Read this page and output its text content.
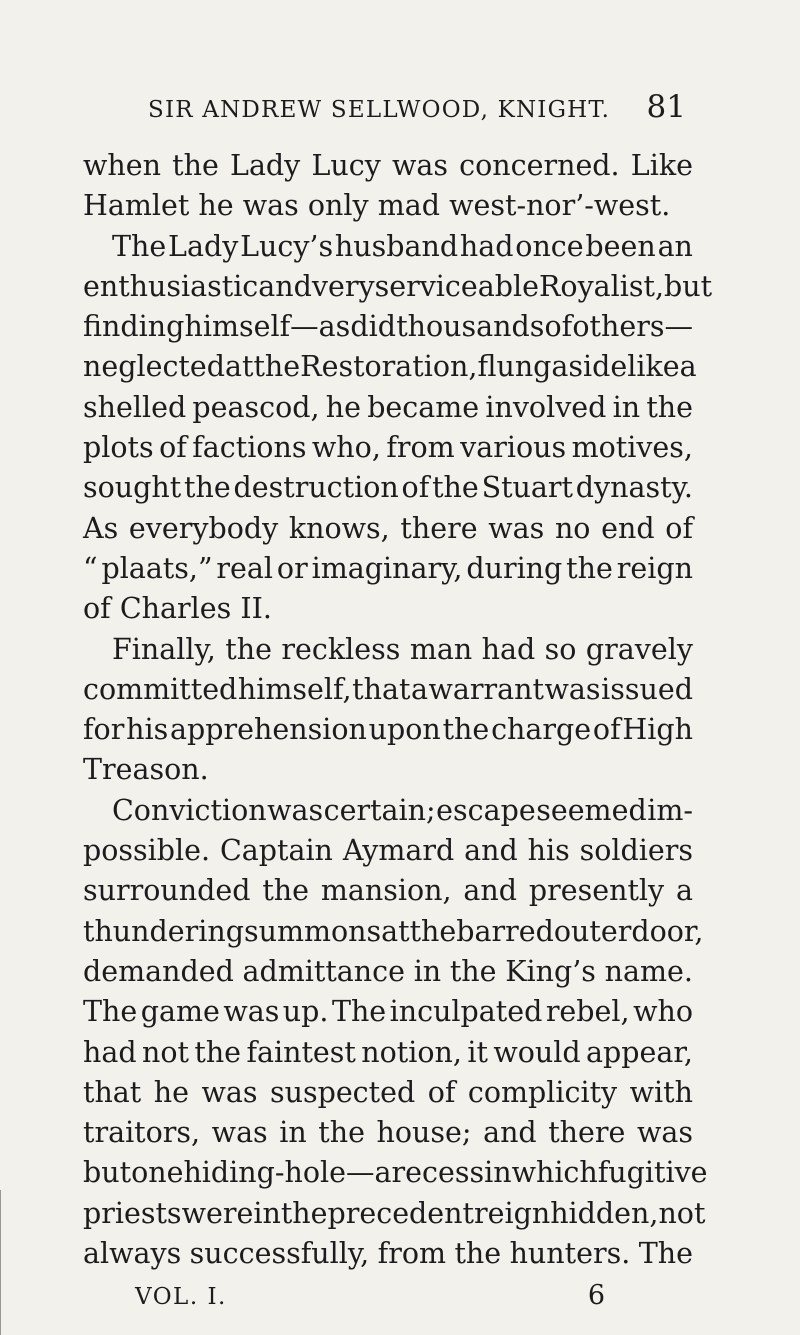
SIR ANDREW SELLWOOD, KNIGHT. 81
when the Lady Lucy was concerned. Like
Hamlet he was only mad west-nor’-west.
The Lady Lucy’s husband had once been an
enthusiastic and very serviceable Royalist, but
finding himself—as did thousands of others—
neglected at the Restoration, flung aside like a
shelled peascod, he became involved in the
plots of factions who, from various motives,
sought the destruction of the Stuart dynasty.
As everybody knows, there was no end of
“ plaats,” real or imaginary, during the reign
of Charles II.
Finally, the reckless man had so gravely
committed himself, that a warrant was issued
for his apprehension upon the charge of High
Treason.
Conviction was certain; escape seemed im-
possible. Captain Aymard and his soldiers
surrounded the mansion, and presently a
thundering summons at the barred outer door,
demanded admittance in the King’s name.
The game was up. The inculpated rebel, who
had not the faintest notion, it would appear,
that he was suspected of complicity with
traitors, was in the house; and there was
but one hiding-hole—a recess in which fugitive
priests were in the precedent reign hidden, not
always successfully, from the hunters. The
VOL. I.	6
